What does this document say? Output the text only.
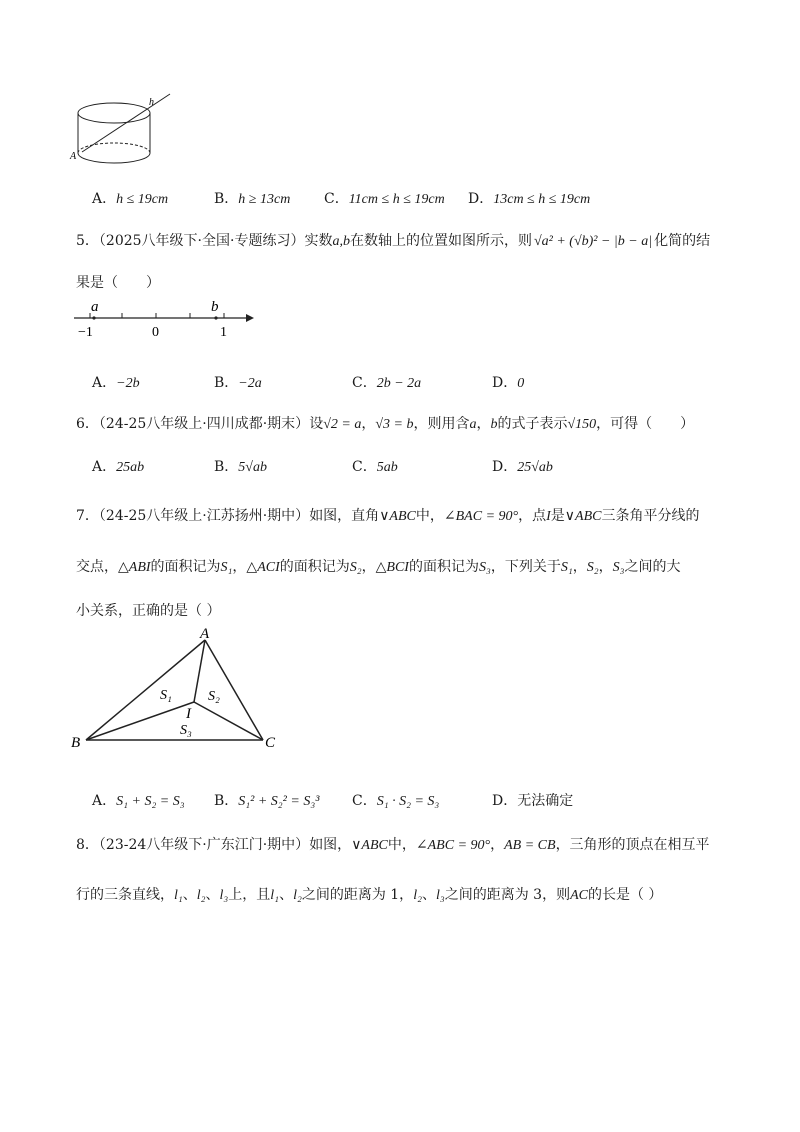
h
A
A．h ≤ 19cm	B．h ≥ 13cm C．11cm ≤ h ≤ 19cm D．13cm ≤ h ≤ 19cm
5．（2025八年级下·全国·专题练习）实数a,b在数轴上的位置如图所示，则 √a² + (√b)² − |b − a| 化简的结
果是（　　）
a	b
−1	0	1
A．−2b	B．−2a	C．2b − 2a	D．0
6．（24-25八年级上·四川成都·期末）设√2 = a，√3 = b，则用含a，b的式子表示√150，可得（　　）
A．25ab	B．5√ab	C．5ab	D．25√ab
7．（24-25八年级上·江苏扬州·期中）如图，直角∨ABC中，∠BAC = 90°，点I是∨ABC三条角平分线的
交点，△ABI的面积记为S₁，△ACI的面积记为S₂，△BCI的面积记为S₃，下列关于S₁，S₂，S₃之间的大
小关系，正确的是（ ）
A
B	C
I
S₁	S₂
S₃
A．S₁ + S₂ = S₃ B．S₁² + S₂² = S₃³ C．S₁ · S₂ = S₃	D．无法确定
8．（23-24八年级下·广东江门·期中）如图，∨ABC中，∠ABC = 90°，AB = CB，三角形的顶点在相互平
行的三条直线，l₁、l₂、l₃上，且l₁、l₂之间的距离为 1，l₂、l₃之间的距离为 3，则AC的长是（ ）
